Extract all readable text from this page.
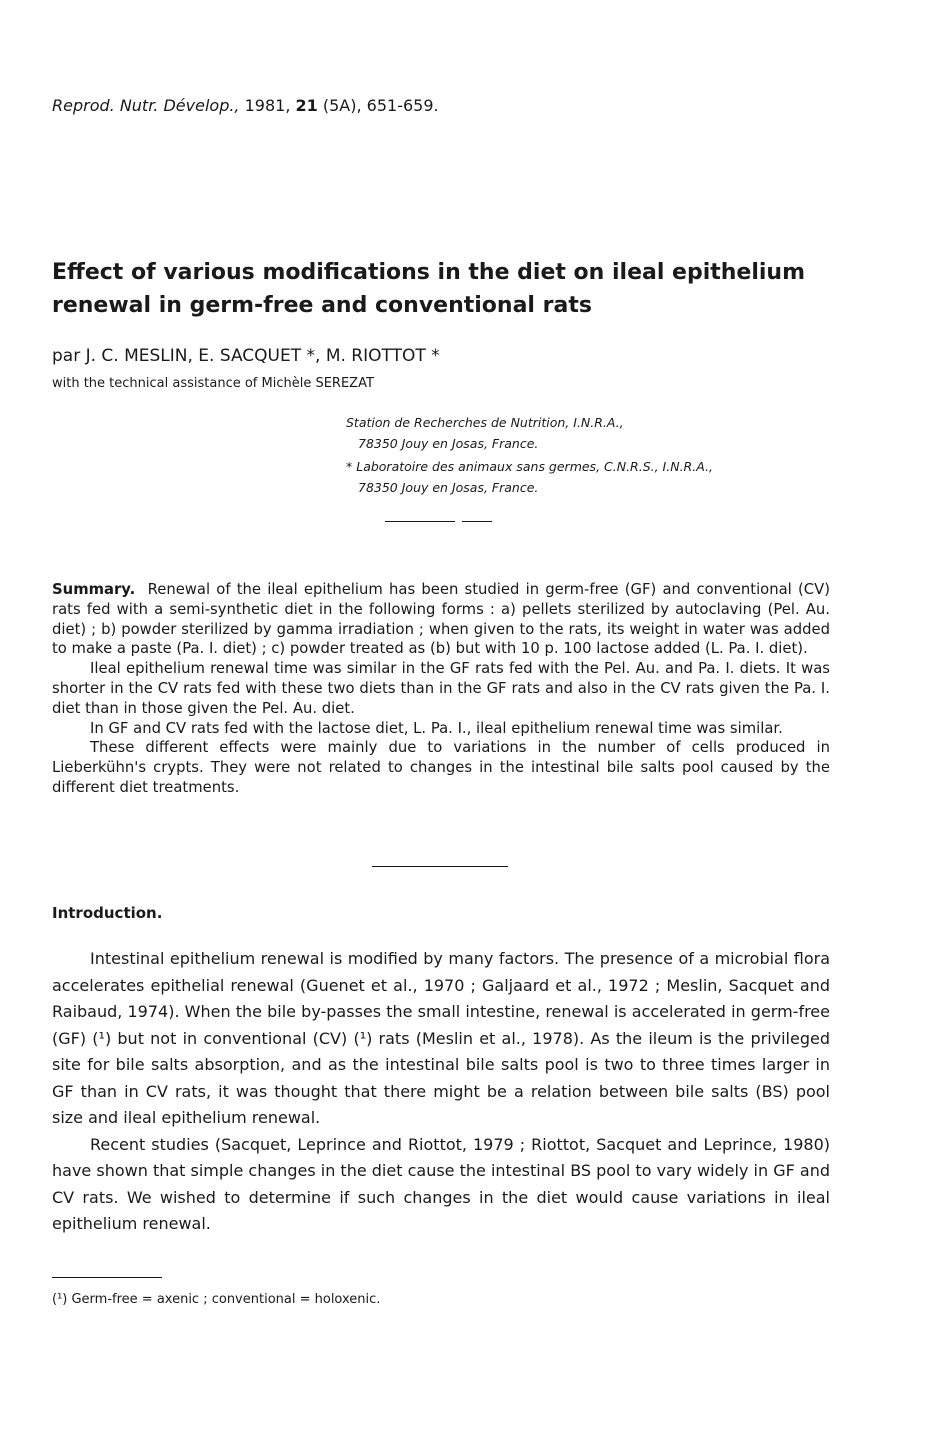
Reprod. Nutr. Dévelop., 1981, 21 (5A), 651-659.
Effect of various modifications in the diet on ileal epithelium renewal in germ-free and conventional rats
par J. C. MESLIN, E. SACQUET *, M. RIOTTOT *
with the technical assistance of Michèle SEREZAT
Station de Recherches de Nutrition, I.N.R.A.,
78350 Jouy en Josas, France.
* Laboratoire des animaux sans germes, C.N.R.S., I.N.R.A.,
78350 Jouy en Josas, France.

Summary. Renewal of the ileal epithelium has been studied in germ-free (GF) and conventional (CV) rats fed with a semi-synthetic diet in the following forms : a) pellets sterilized by autoclaving (Pel. Au. diet) ; b) powder sterilized by gamma irradiation ; when given to the rats, its weight in water was added to make a paste (Pa. I. diet) ; c) powder treated as (b) but with 10 p. 100 lactose added (L. Pa. I. diet).

Ileal epithelium renewal time was similar in the GF rats fed with the Pel. Au. and Pa. I. diets. It was shorter in the CV rats fed with these two diets than in the GF rats and also in the CV rats given the Pa. I. diet than in those given the Pel. Au. diet.

In GF and CV rats fed with the lactose diet, L. Pa. I., ileal epithelium renewal time was similar.

These different effects were mainly due to variations in the number of cells produced in Lieberkühn's crypts. They were not related to changes in the intestinal bile salts pool caused by the different diet treatments.

Introduction.

Intestinal epithelium renewal is modified by many factors. The presence of a microbial flora accelerates epithelial renewal (Guenet et al., 1970 ; Galjaard et al., 1972 ; Meslin, Sacquet and Raibaud, 1974). When the bile by-passes the small intestine, renewal is accelerated in germ-free (GF) (¹) but not in conventional (CV) (¹) rats (Meslin et al., 1978). As the ileum is the privileged site for bile salts absorption, and as the intestinal bile salts pool is two to three times larger in GF than in CV rats, it was thought that there might be a relation between bile salts (BS) pool size and ileal epithelium renewal.

Recent studies (Sacquet, Leprince and Riottot, 1979 ; Riottot, Sacquet and Leprince, 1980) have shown that simple changes in the diet cause the intestinal BS pool to vary widely in GF and CV rats. We wished to determine if such changes in the diet would cause variations in ileal epithelium renewal.

(¹) Germ-free = axenic ; conventional = holoxenic.
